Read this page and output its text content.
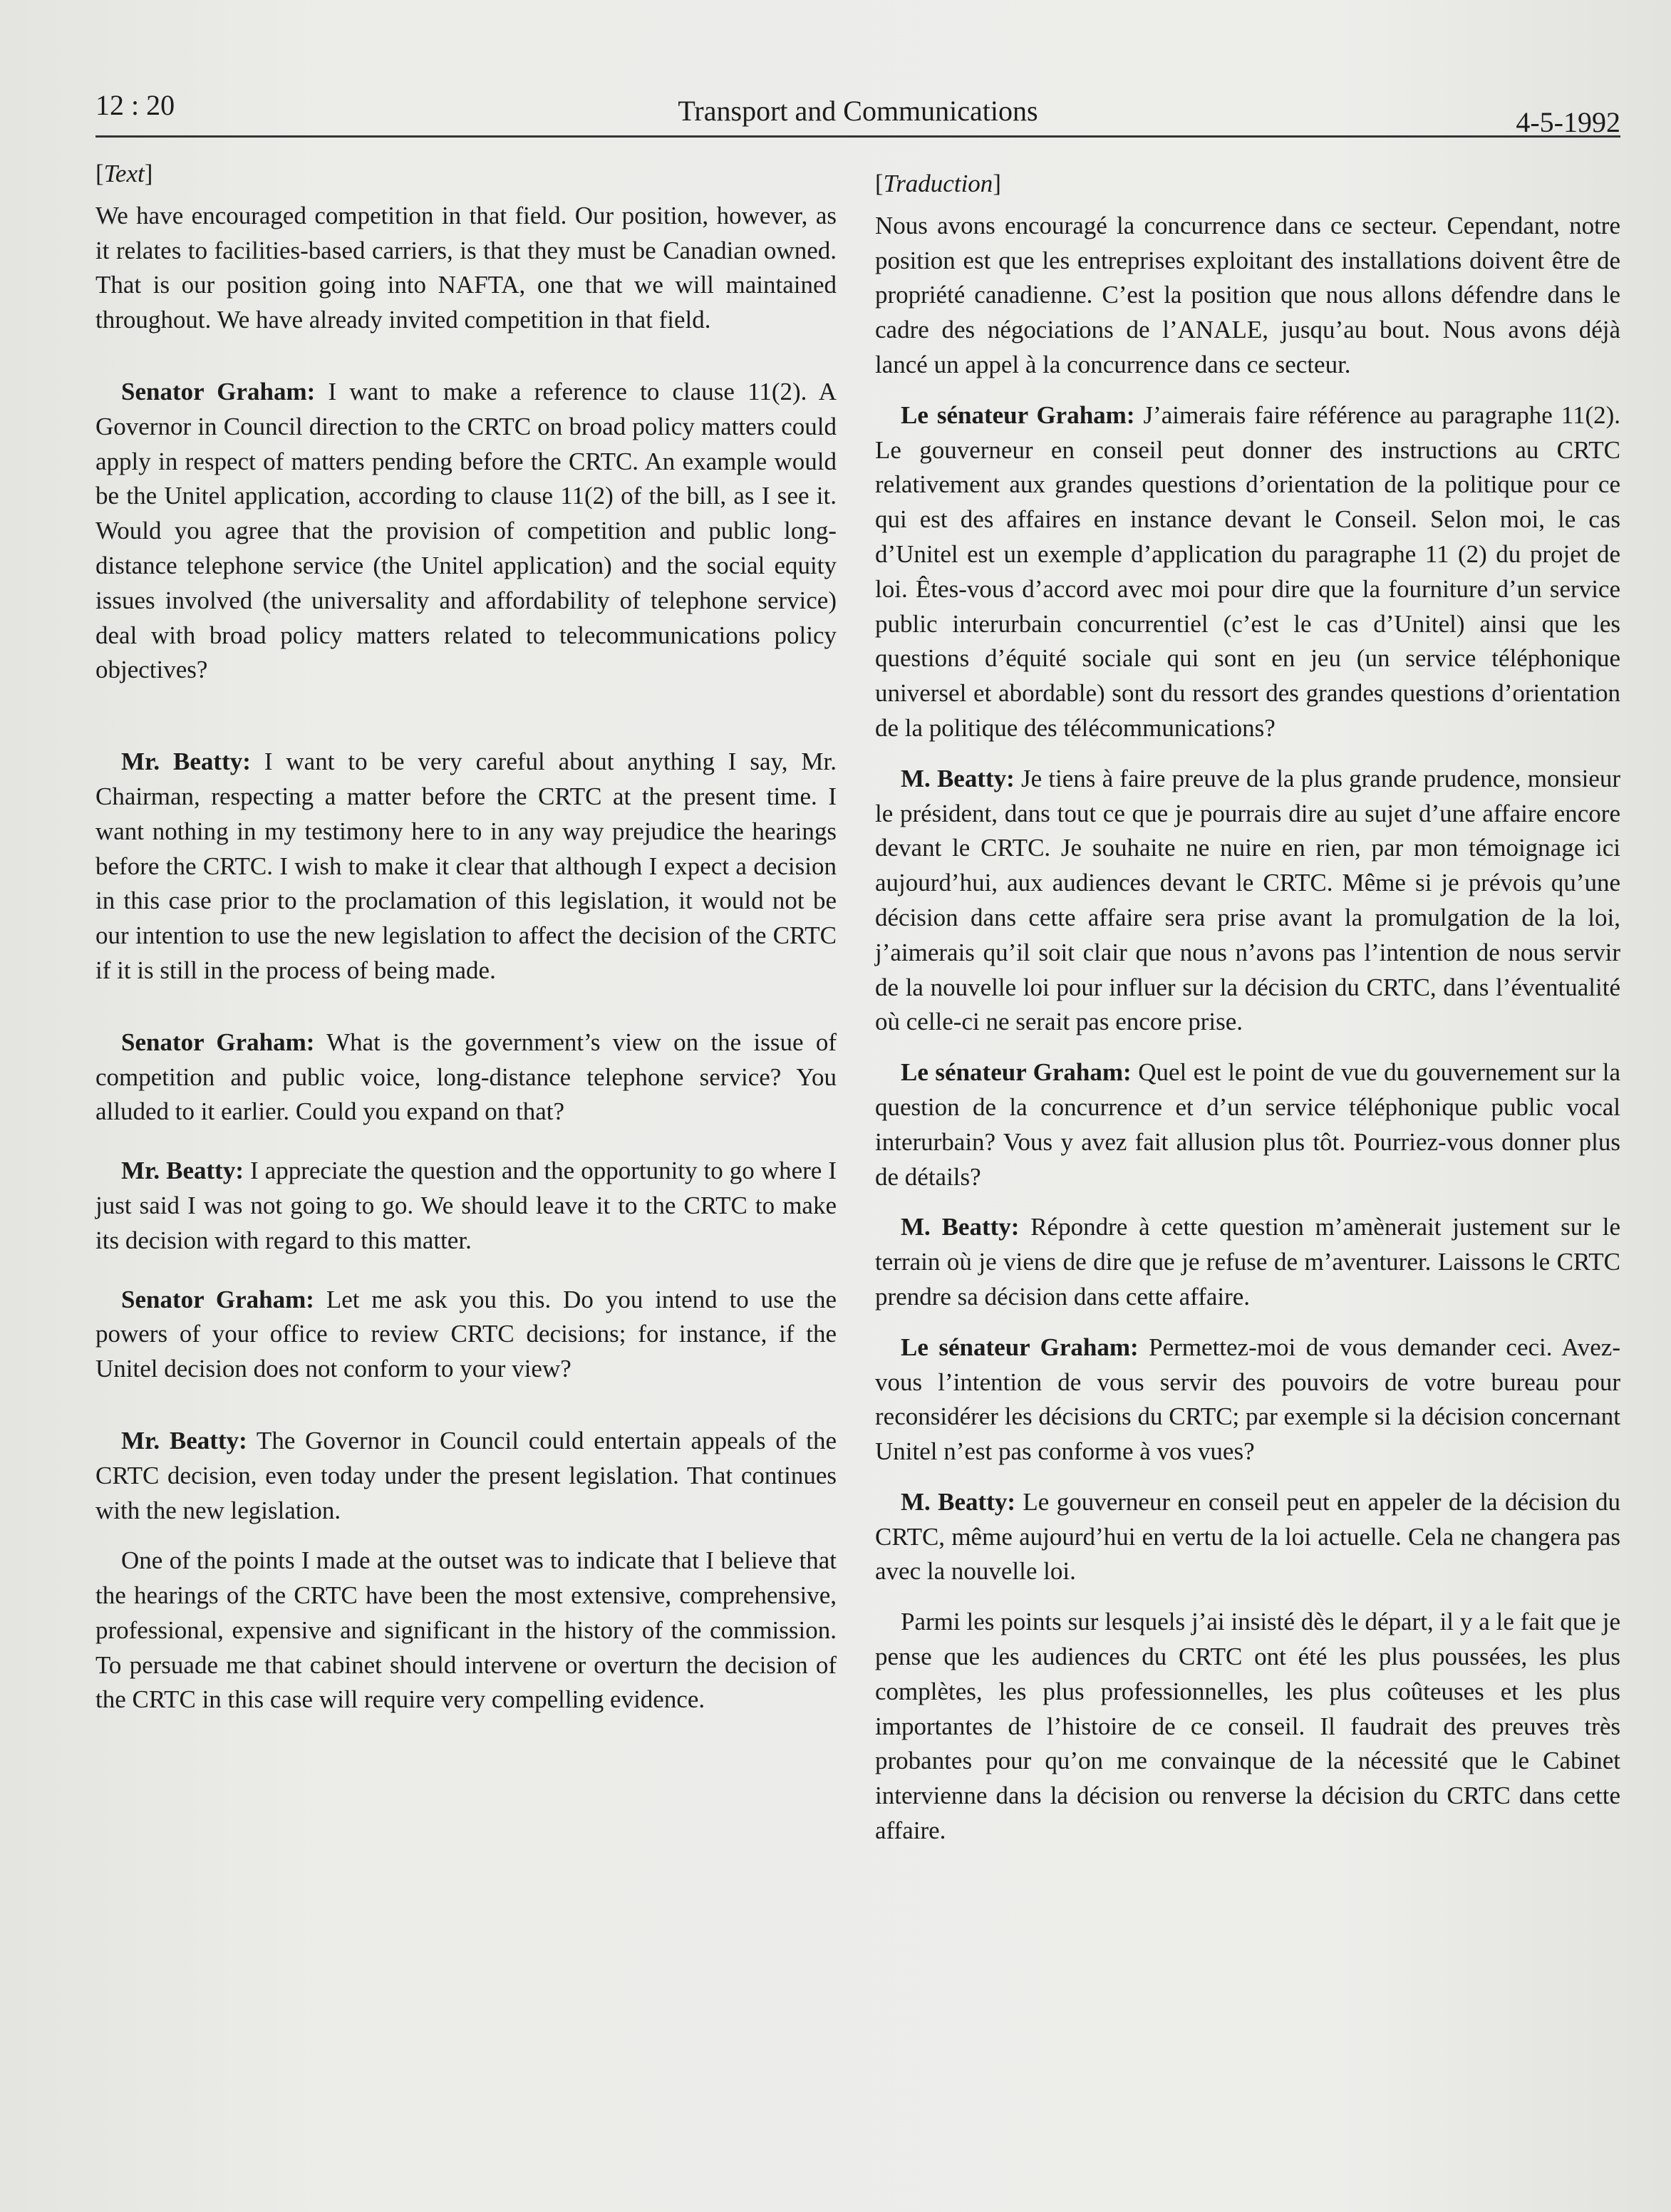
12 : 20	Transport and Communications	4-5-1992
[Text]

We have encouraged competition in that field. Our position, however, as it relates to facilities-based carriers, is that they must be Canadian owned. That is our position going into NAFTA, one that we will maintained throughout. We have already invited competition in that field.

Senator Graham: I want to make a reference to clause 11(2). A Governor in Council direction to the CRTC on broad policy matters could apply in respect of matters pending before the CRTC. An example would be the Unitel application, according to clause 11(2) of the bill, as I see it. Would you agree that the provision of competition and public long-distance telephone service (the Unitel application) and the social equity issues involved (the universality and affordability of telephone service) deal with broad policy matters related to telecommunications policy objectives?

Mr. Beatty: I want to be very careful about anything I say, Mr. Chairman, respecting a matter before the CRTC at the present time. I want nothing in my testimony here to in any way prejudice the hearings before the CRTC. I wish to make it clear that although I expect a decision in this case prior to the proclamation of this legislation, it would not be our intention to use the new legislation to affect the decision of the CRTC if it is still in the process of being made.

Senator Graham: What is the government’s view on the issue of competition and public voice, long-distance telephone service? You alluded to it earlier. Could you expand on that?

Mr. Beatty: I appreciate the question and the opportunity to go where I just said I was not going to go. We should leave it to the CRTC to make its decision with regard to this matter.

Senator Graham: Let me ask you this. Do you intend to use the powers of your office to review CRTC decisions; for instance, if the Unitel decision does not conform to your view?

Mr. Beatty: The Governor in Council could entertain appeals of the CRTC decision, even today under the present legislation. That continues with the new legislation.

One of the points I made at the outset was to indicate that I believe that the hearings of the CRTC have been the most extensive, comprehensive, professional, expensive and significant in the history of the commission. To persuade me that cabinet should intervene or overturn the decision of the CRTC in this case will require very compelling evidence.

[Traduction]

Nous avons encouragé la concurrence dans ce secteur. Cependant, notre position est que les entreprises exploitant des installations doivent être de propriété canadienne. C’est la position que nous allons défendre dans le cadre des négociations de l’ANALE, jusqu’au bout. Nous avons déjà lancé un appel à la concurrence dans ce secteur.

Le sénateur Graham: J’aimerais faire référence au paragraphe 11(2). Le gouverneur en conseil peut donner des instructions au CRTC relativement aux grandes questions d’orientation de la politique pour ce qui est des affaires en instance devant le Conseil. Selon moi, le cas d’Unitel est un exemple d’application du paragraphe 11 (2) du projet de loi. Êtes-vous d’accord avec moi pour dire que la fourniture d’un service public interurbain concurrentiel (c’est le cas d’Unitel) ainsi que les questions d’équité sociale qui sont en jeu (un service téléphonique universel et abordable) sont du ressort des grandes questions d’orientation de la politique des télécommunications?

M. Beatty: Je tiens à faire preuve de la plus grande prudence, monsieur le président, dans tout ce que je pourrais dire au sujet d’une affaire encore devant le CRTC. Je souhaite ne nuire en rien, par mon témoignage ici aujourd’hui, aux audiences devant le CRTC. Même si je prévois qu’une décision dans cette affaire sera prise avant la promulgation de la loi, j’aimerais qu’il soit clair que nous n’avons pas l’intention de nous servir de la nouvelle loi pour influer sur la décision du CRTC, dans l’éventualité où celle-ci ne serait pas encore prise.

Le sénateur Graham: Quel est le point de vue du gouvernement sur la question de la concurrence et d’un service téléphonique public vocal interurbain? Vous y avez fait allusion plus tôt. Pourriez-vous donner plus de détails?

M. Beatty: Répondre à cette question m’amènerait justement sur le terrain où je viens de dire que je refuse de m’aventurer. Laissons le CRTC prendre sa décision dans cette affaire.

Le sénateur Graham: Permettez-moi de vous demander ceci. Avez-vous l’intention de vous servir des pouvoirs de votre bureau pour reconsidérer les décisions du CRTC; par exemple si la décision concernant Unitel n’est pas conforme à vos vues?

M. Beatty: Le gouverneur en conseil peut en appeler de la décision du CRTC, même aujourd’hui en vertu de la loi actuelle. Cela ne changera pas avec la nouvelle loi.

Parmi les points sur lesquels j’ai insisté dès le départ, il y a le fait que je pense que les audiences du CRTC ont été les plus poussées, les plus complètes, les plus professionnelles, les plus coûteuses et les plus importantes de l’histoire de ce conseil. Il faudrait des preuves très probantes pour qu’on me convainque de la nécessité que le Cabinet intervienne dans la décision ou renverse la décision du CRTC dans cette affaire.
